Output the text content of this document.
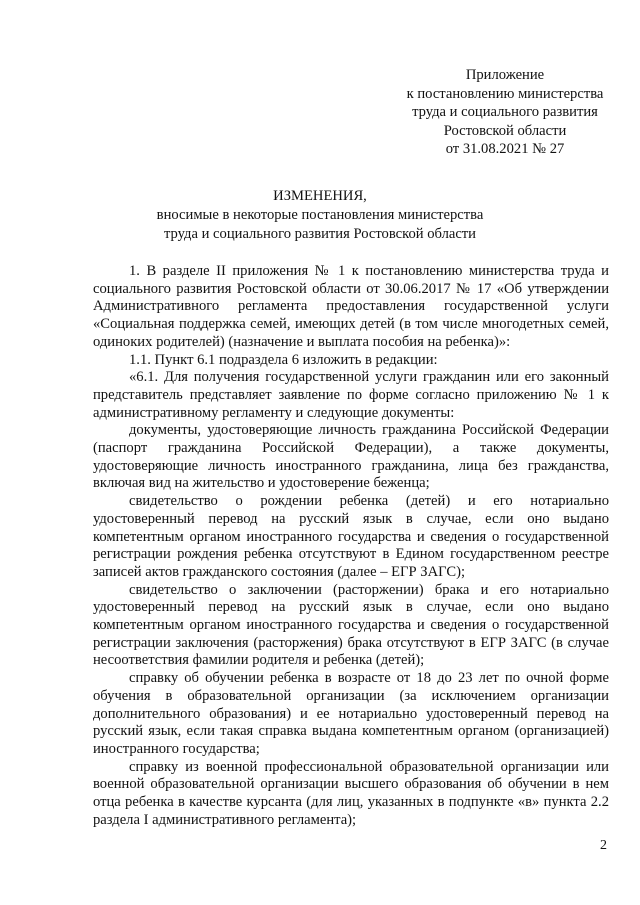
Приложение
к постановлению министерства
труда и социального развития
Ростовской области
от 31.08.2021 № 27
ИЗМЕНЕНИЯ,
вносимые в некоторые постановления министерства
труда и социального развития Ростовской области

1. В разделе II приложения № 1 к постановлению министерства труда и социального развития Ростовской области от 30.06.2017 № 17 «Об утверждении Административного регламента предоставления государственной услуги «Социальная поддержка семей, имеющих детей (в том числе многодетных семей, одиноких родителей) (назначение и выплата пособия на ребенка)»:

1.1. Пункт 6.1 подраздела 6 изложить в редакции:

«6.1. Для получения государственной услуги гражданин или его законный представитель представляет заявление по форме согласно приложению № 1 к административному регламенту и следующие документы:

документы, удостоверяющие личность гражданина Российской Федерации (паспорт гражданина Российской Федерации), а также документы, удостоверяющие личность иностранного гражданина, лица без гражданства, включая вид на жительство и удостоверение беженца;

свидетельство о рождении ребенка (детей) и его нотариально удостоверенный перевод на русский язык в случае, если оно выдано компетентным органом иностранного государства и сведения о государственной регистрации рождения ребенка отсутствуют в Едином государственном реестре записей актов гражданского состояния (далее – ЕГР ЗАГС);

свидетельство о заключении (расторжении) брака и его нотариально удостоверенный перевод на русский язык в случае, если оно выдано компетентным органом иностранного государства и сведения о государственной регистрации заключения (расторжения) брака отсутствуют в ЕГР ЗАГС (в случае несоответствия фамилии родителя и ребенка (детей);

справку об обучении ребенка в возрасте от 18 до 23 лет по очной форме обучения в образовательной организации (за исключением организации дополнительного образования) и ее нотариально удостоверенный перевод на русский язык, если такая справка выдана компетентным органом (организацией) иностранного государства;

справку из военной профессиональной образовательной организации или военной образовательной организации высшего образования об обучении в нем отца ребенка в качестве курсанта (для лиц, указанных в подпункте «в» пункта 2.2 раздела I административного регламента);

2
